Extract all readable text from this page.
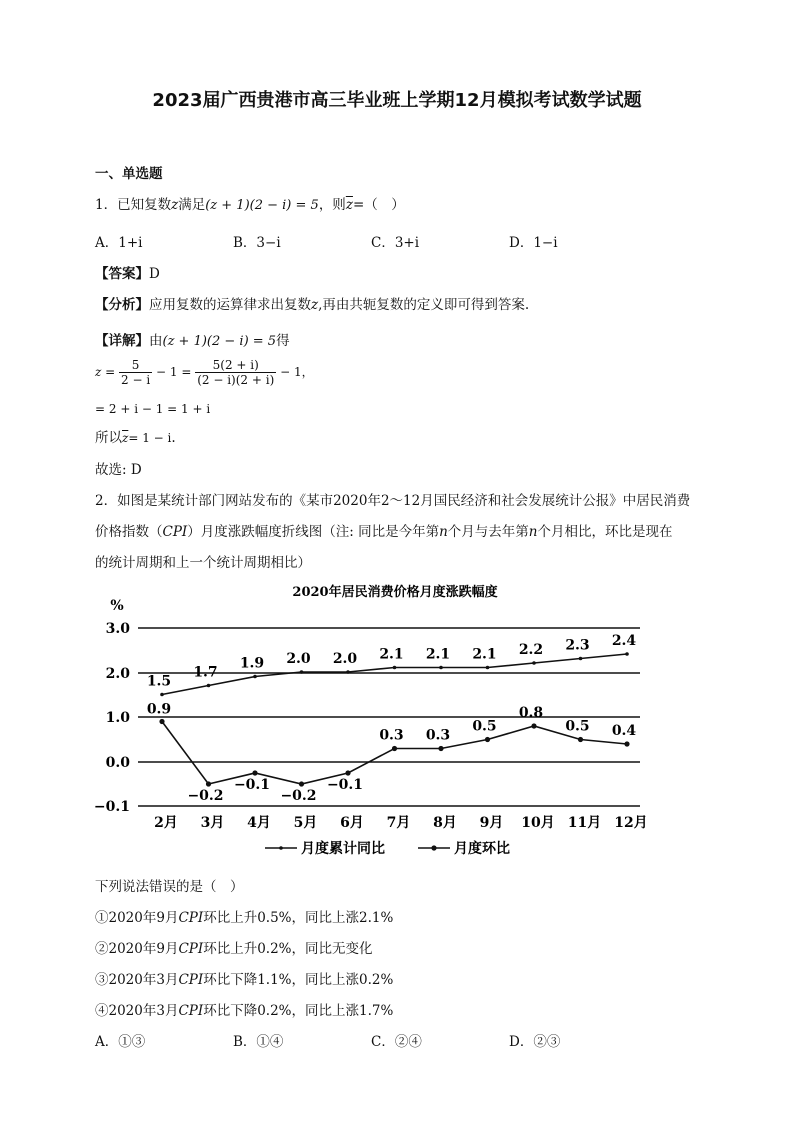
2023届广西贵港市高三毕业班上学期12月模拟考试数学试题
一、单选题
1．已知复数z满足(z + 1)(2 − i) = 5，则$\overline{z}=$（　）
A．1+i	B．3−i	C．3+i	D．1−i
【答案】D
【分析】应用复数的运算律求出复数z,再由共轭复数的定义即可得到答案.
【详解】由(z + 1)(2 − i) = 5得
$z = \frac{5}{2 - i} - 1 = \frac{5(2 + i)}{(2 - i)(2 + i)} - 1$，
= 2 + i − 1 = 1 + i
所以$\overline{z}= 1 - i$.
故选: D
2．如图是某统计部门网站发布的《某市2020年2～12月国民经济和社会发展统计公报》中居民消费
价格指数（CPI）月度涨跌幅度折线图（注: 同比是今年第n个月与去年第n个月相比，环比是现在
的统计周期和上一个统计周期相比）
2020年居民消费价格月度涨跌幅度
%
3.0
2.0
1.0
0.0
−0.1
2月 3月 4月 5月 6月 7月 8月 9月 10月 11月 12月
1.5
1.7
1.9 2.0 2.0 2.1 2.1 2.1 2.2 2.3 2.4
0.9
−0.2
−0.1
−0.2
−0.1
0.3 0.3
0.5
0.8
0.5 0.4
月度累计同比	月度环比
下列说法错误的是（　）
①2020年9月CPI环比上升0.5%，同比上涨2.1%
②2020年9月CPI环比上升0.2%，同比无变化
③2020年3月CPI环比下降1.1%，同比上涨0.2%
④2020年3月CPI环比下降0.2%，同比上涨1.7%
A．①③	B．①④	C．②④	D．②③
